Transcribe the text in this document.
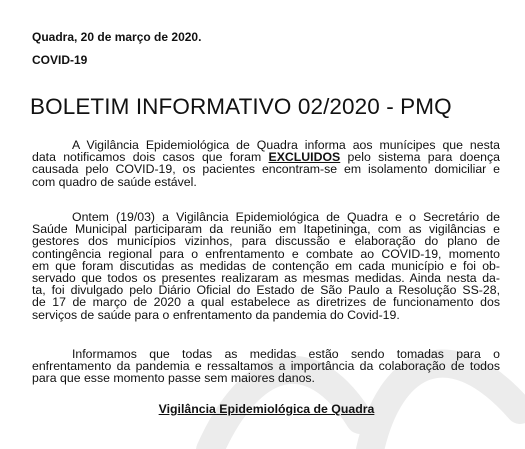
Quadra, 20 de março de 2020.
COVID-19
BOLETIM INFORMATIVO 02/2020 - PMQ
A Vigilância Epidemiológica de Quadra informa aos munícipes que nesta
data notificamos dois casos que foram EXCLUIDOS pelo sistema para doença
causada pelo COVID-19, os pacientes encontram-se em isolamento domiciliar e
com quadro de saúde estável.
Ontem (19/03) a Vigilância Epidemiológica de Quadra e o Secretário de
Saúde Municipal participaram da reunião em Itapetininga, com as vigilâncias e
gestores dos municípios vizinhos, para discussão e elaboração do plano de
contingência regional para o enfrentamento e combate ao COVID-19, momento
em que foram discutidas as medidas de contenção em cada município e foi ob-
servado que todos os presentes realizaram as mesmas medidas. Ainda nesta da-
ta, foi divulgado pelo Diário Oficial do Estado de São Paulo a Resolução SS-28,
de 17 de março de 2020 a qual estabelece as diretrizes de funcionamento dos
serviços de saúde para o enfrentamento da pandemia do Covid-19.
Informamos que todas as medidas estão sendo tomadas para o
enfrentamento da pandemia e ressaltamos a importância da colaboração de todos
para que esse momento passe sem maiores danos.
Vigilância Epidemiológica de Quadra
